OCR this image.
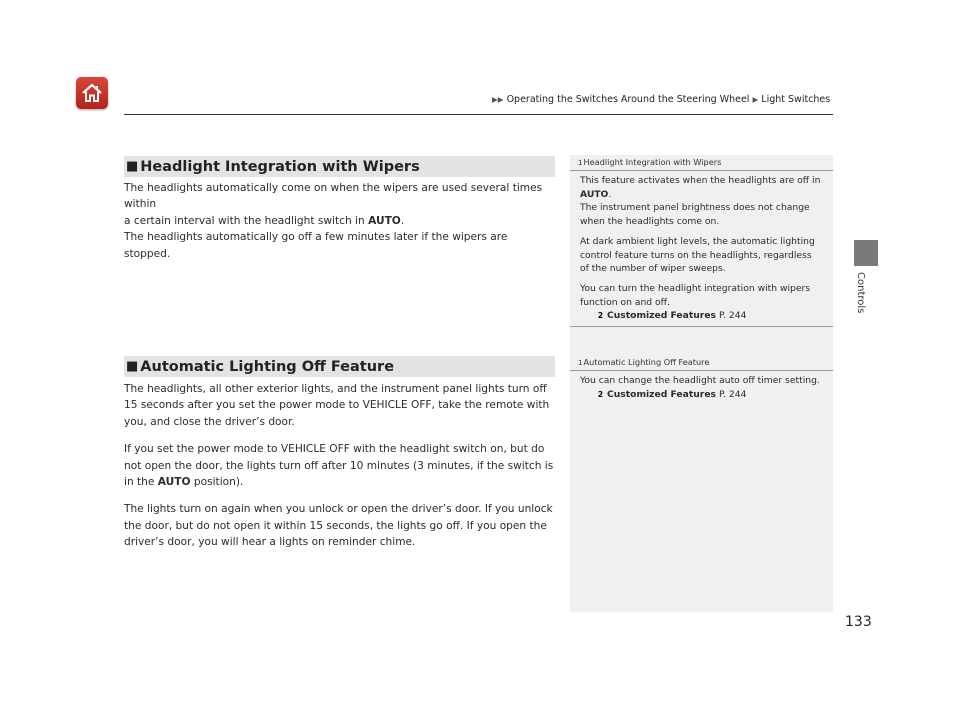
▶▶ Operating the Switches Around the Steering Wheel ▶ Light Switches
Controls
■ Headlight Integration with Wipers

The headlights automatically come on when the wipers are used several times within

a certain interval with the headlight switch in AUTO.

The headlights automatically go off a few minutes later if the wipers are stopped.

■ Automatic Lighting Off Feature

The headlights, all other exterior lights, and the instrument panel lights turn off 15 seconds after you set the power mode to VEHICLE OFF, take the remote with you, and close the driver’s door.

If you set the power mode to VEHICLE OFF with the headlight switch on, but do not open the door, the lights turn off after 10 minutes (3 minutes, if the switch is in the AUTO position).

The lights turn on again when you unlock or open the driver’s door. If you unlock the door, but do not open it within 15 seconds, the lights go off. If you open the driver’s door, you will hear a lights on reminder chime.

1Headlight Integration with Wipers

This feature activates when the headlights are off in AUTO.
The instrument panel brightness does not change when the headlights come on.

At dark ambient light levels, the automatic lighting control feature turns on the headlights, regardless of the number of wiper sweeps.

You can turn the headlight integration with wipers function on and off.

2 Customized Features P. 244

1Automatic Lighting Off Feature

You can change the headlight auto off timer setting.

2 Customized Features P. 244

133
